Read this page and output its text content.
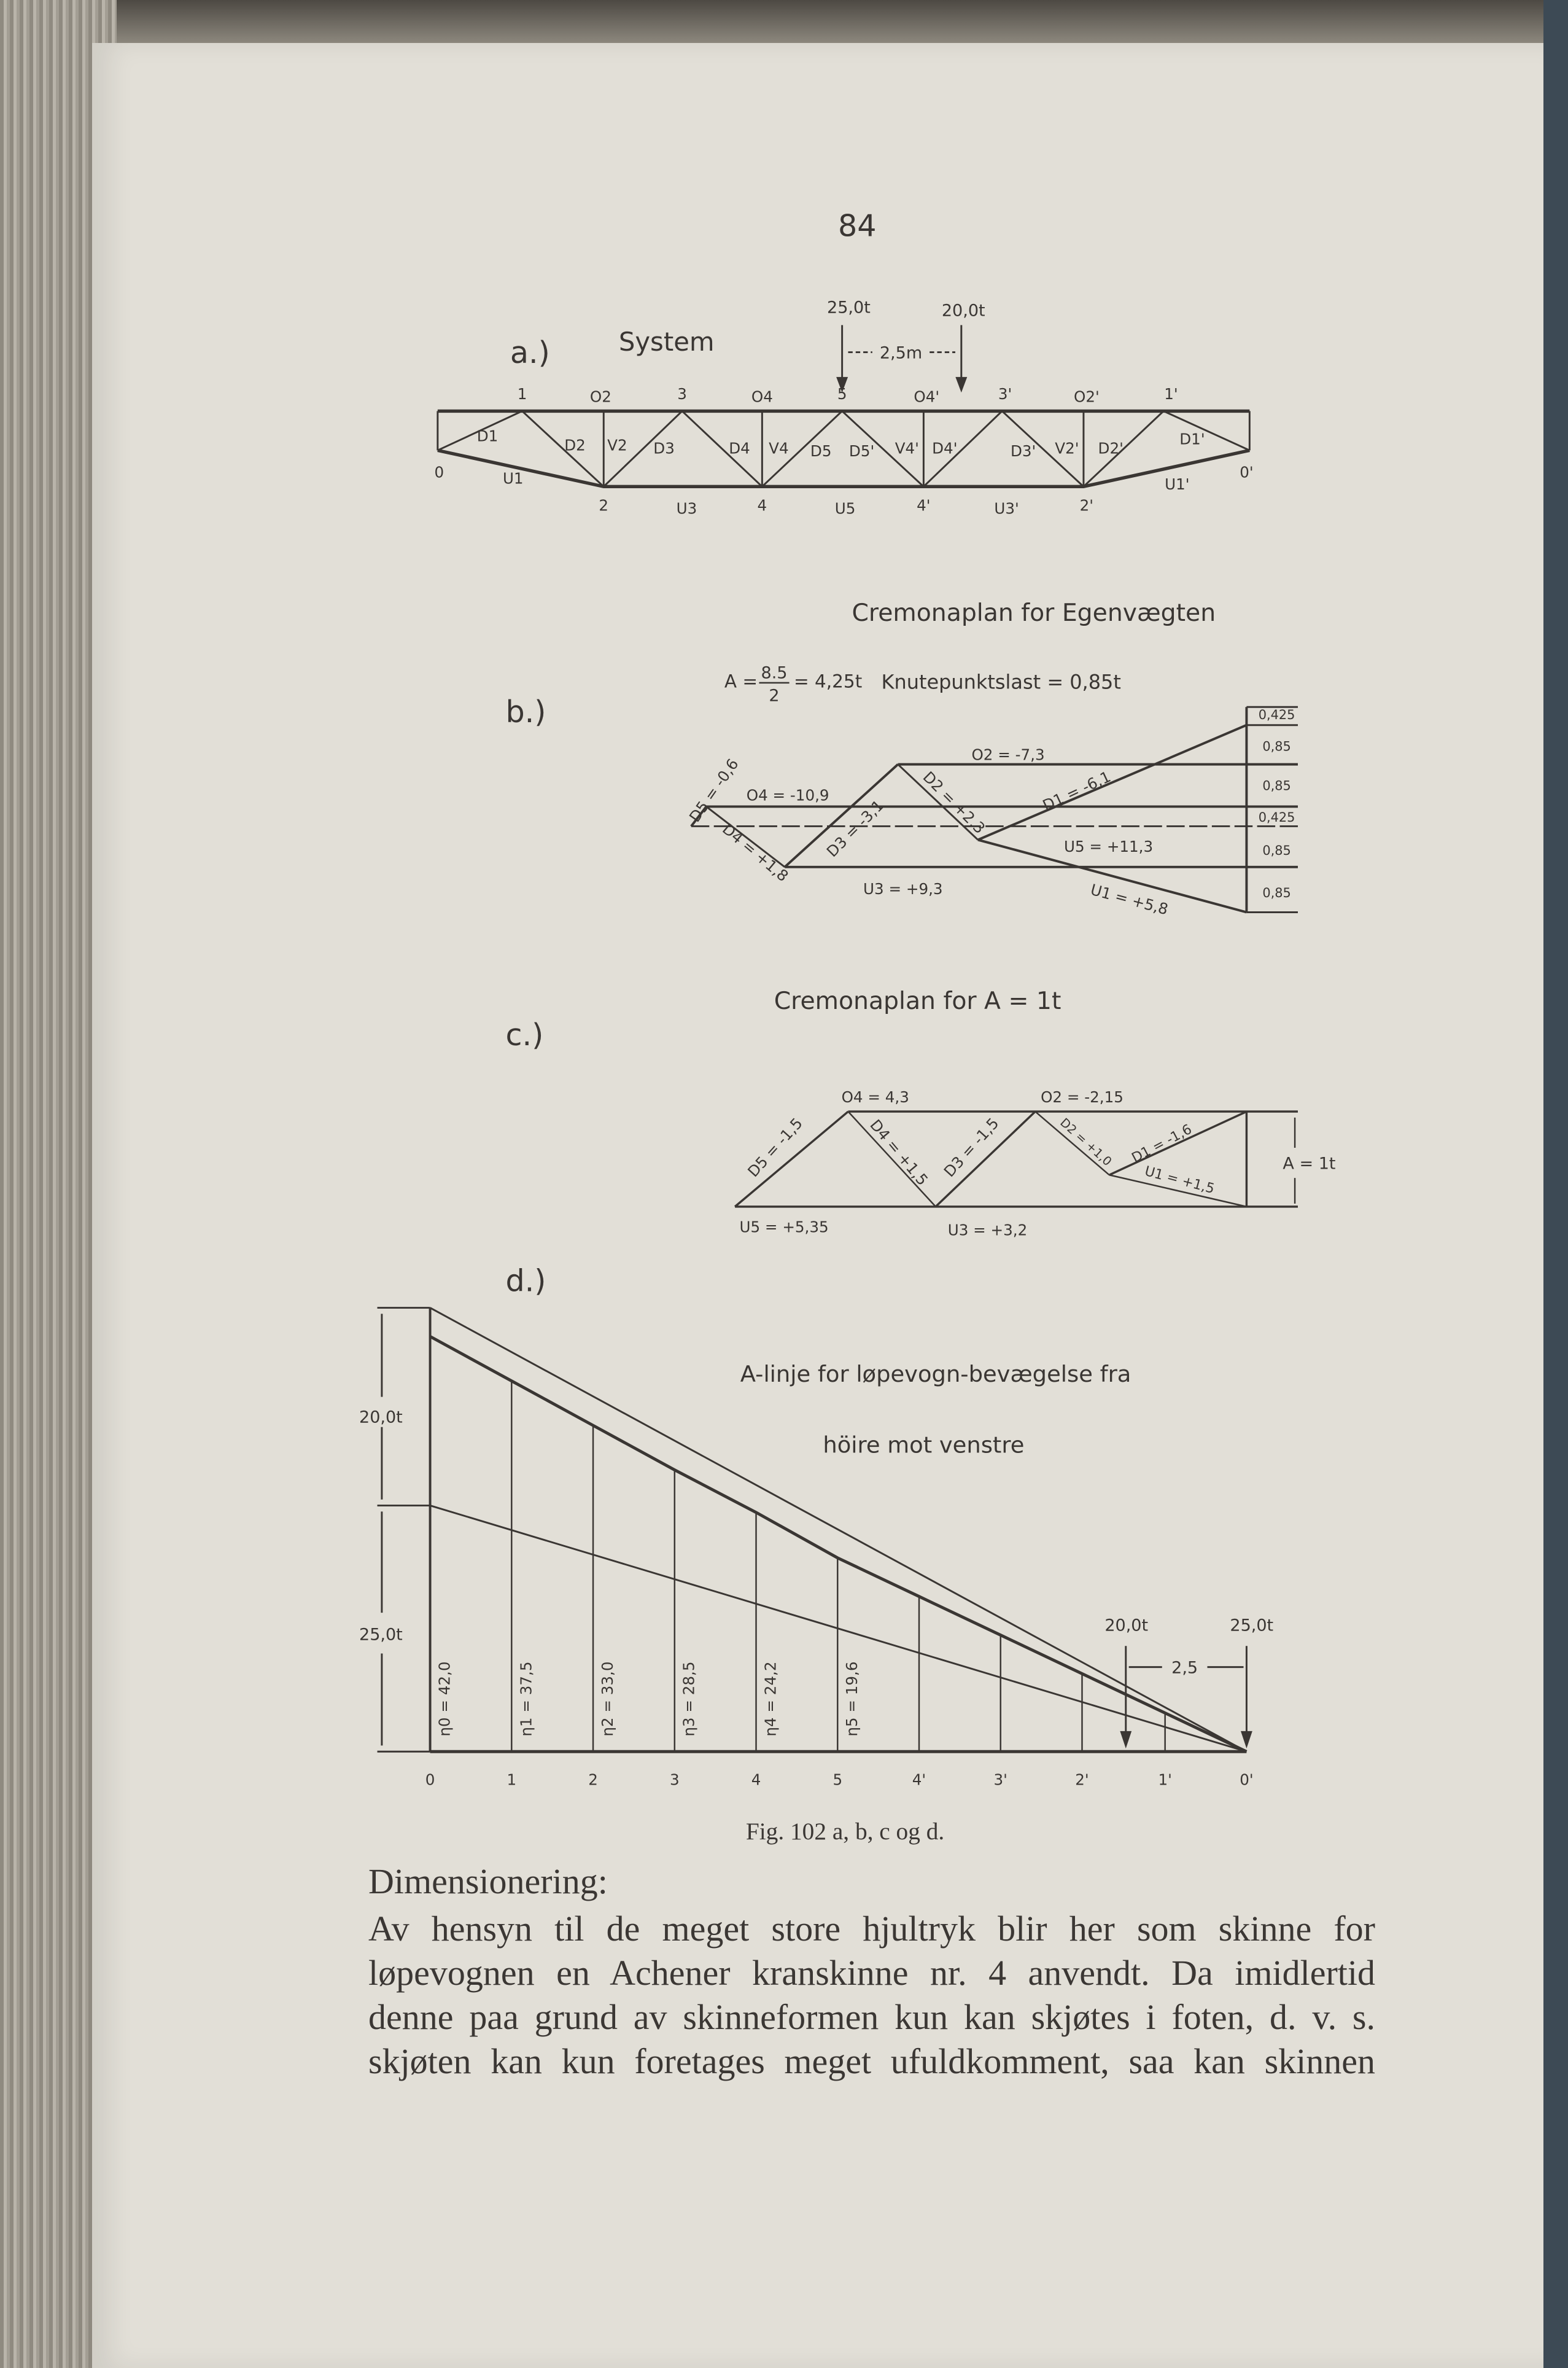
84
a.)	System
25,0t	20,0t
2,5m
1	O2	3	O4	5	O4'	3'	O2'	1'
0	U1
2	U3	4	U5	4'	U3'	2'
U1'
0'
D1
D2	V2	D3	D4	V4	D5	D5'	V4' D4'	D3'	V2'	D2'
D1'
b.)
Cremonaplan for Egenvægten
A = 8.5
2
= 4,25t Knutepunktslast = 0,85t
0,425
0,85
0,85
0,425
0,85
0,85
O2 = -7,3
O4 = -10,9
D5 = -0,6
D4 = +1,8	D3 = -3,1	D2 = +2,3	D1 = -6,1
U5 = +11,3
U3 = +9,3	U1 = +5,8
c.)
Cremonaplan for A = 1t
A = 1t
O4 = 4,3	O2 = -2,15
D5 = -1,5	D4 = +1,5 D3 = -1,5	D2 = +1,0	D1 = -1,6
U1 = +1,5
U5 = +5,35	U3 = +3,2
d.)
A-linje for løpevogn-bevægelse fra
höire mot venstre
20,0t
25,0t	20,0t	25,0t
2,5
0	1	2	3	4	5	4'	3'	2'	1'	0'
η0 = 42,0	η1 = 37,5	η2 = 33,0	η3 = 28,5	η4 = 24,2	η5 = 19,6
Fig. 102 a, b, c og d.
Dimensionering:
Av hensyn til de meget store hjultryk blir her som skinne for
løpevognen en Achener kranskinne nr. 4 anvendt. Da imidlertid
denne paa grund av skinneformen kun kan skjøtes i foten, d. v. s.
skjøten kan kun foretages meget ufuldkomment, saa kan skinnen
